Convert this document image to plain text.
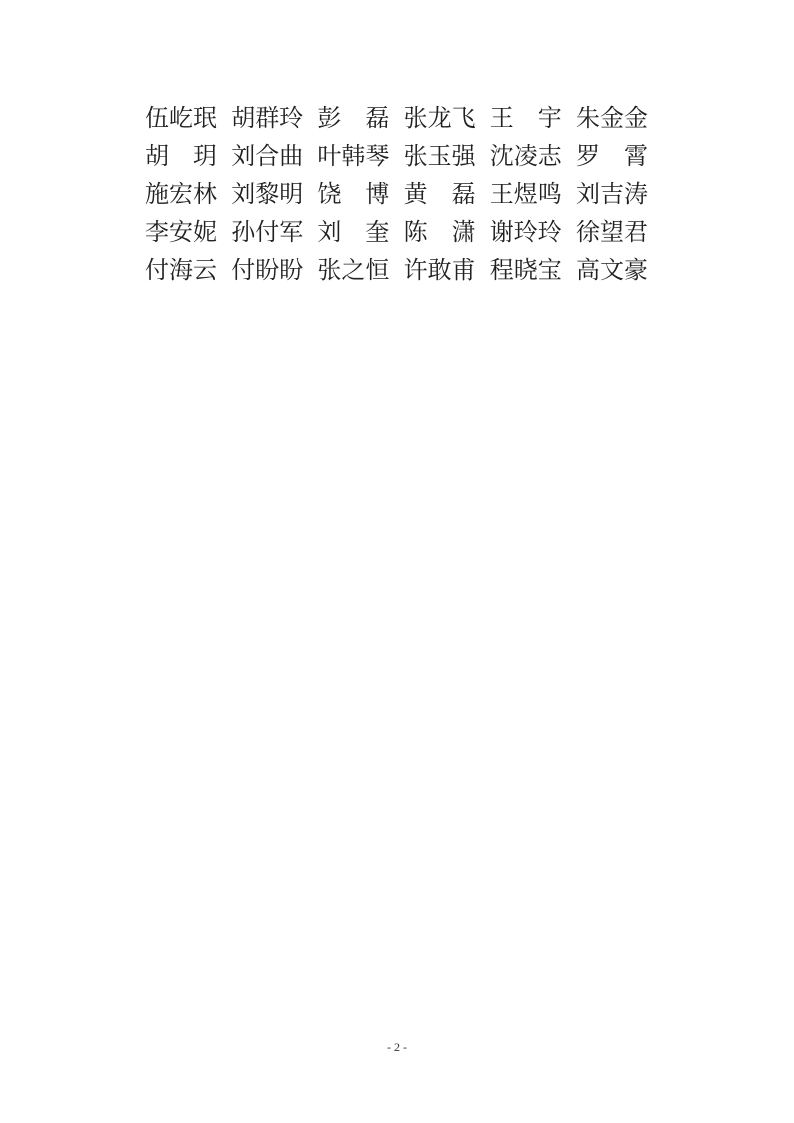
伍 屹 珉 胡 群 玲 彭 磊 张 龙 飞 王 宇 朱 金 金
胡 玥 刘 合 曲 叶 韩 琴 张 玉 强 沈 凌 志 罗 霄
施 宏 林 刘 黎 明 饶 博 黄 磊 王 煜 鸣 刘 吉 涛
李 安 妮 孙 付 军 刘 奎 陈 潇 谢 玲 玲 徐 望 君
付 海 云 付 盼 盼 张 之 恒 许 敢 甫 程 晓 宝 高 文 豪
- 2 -
